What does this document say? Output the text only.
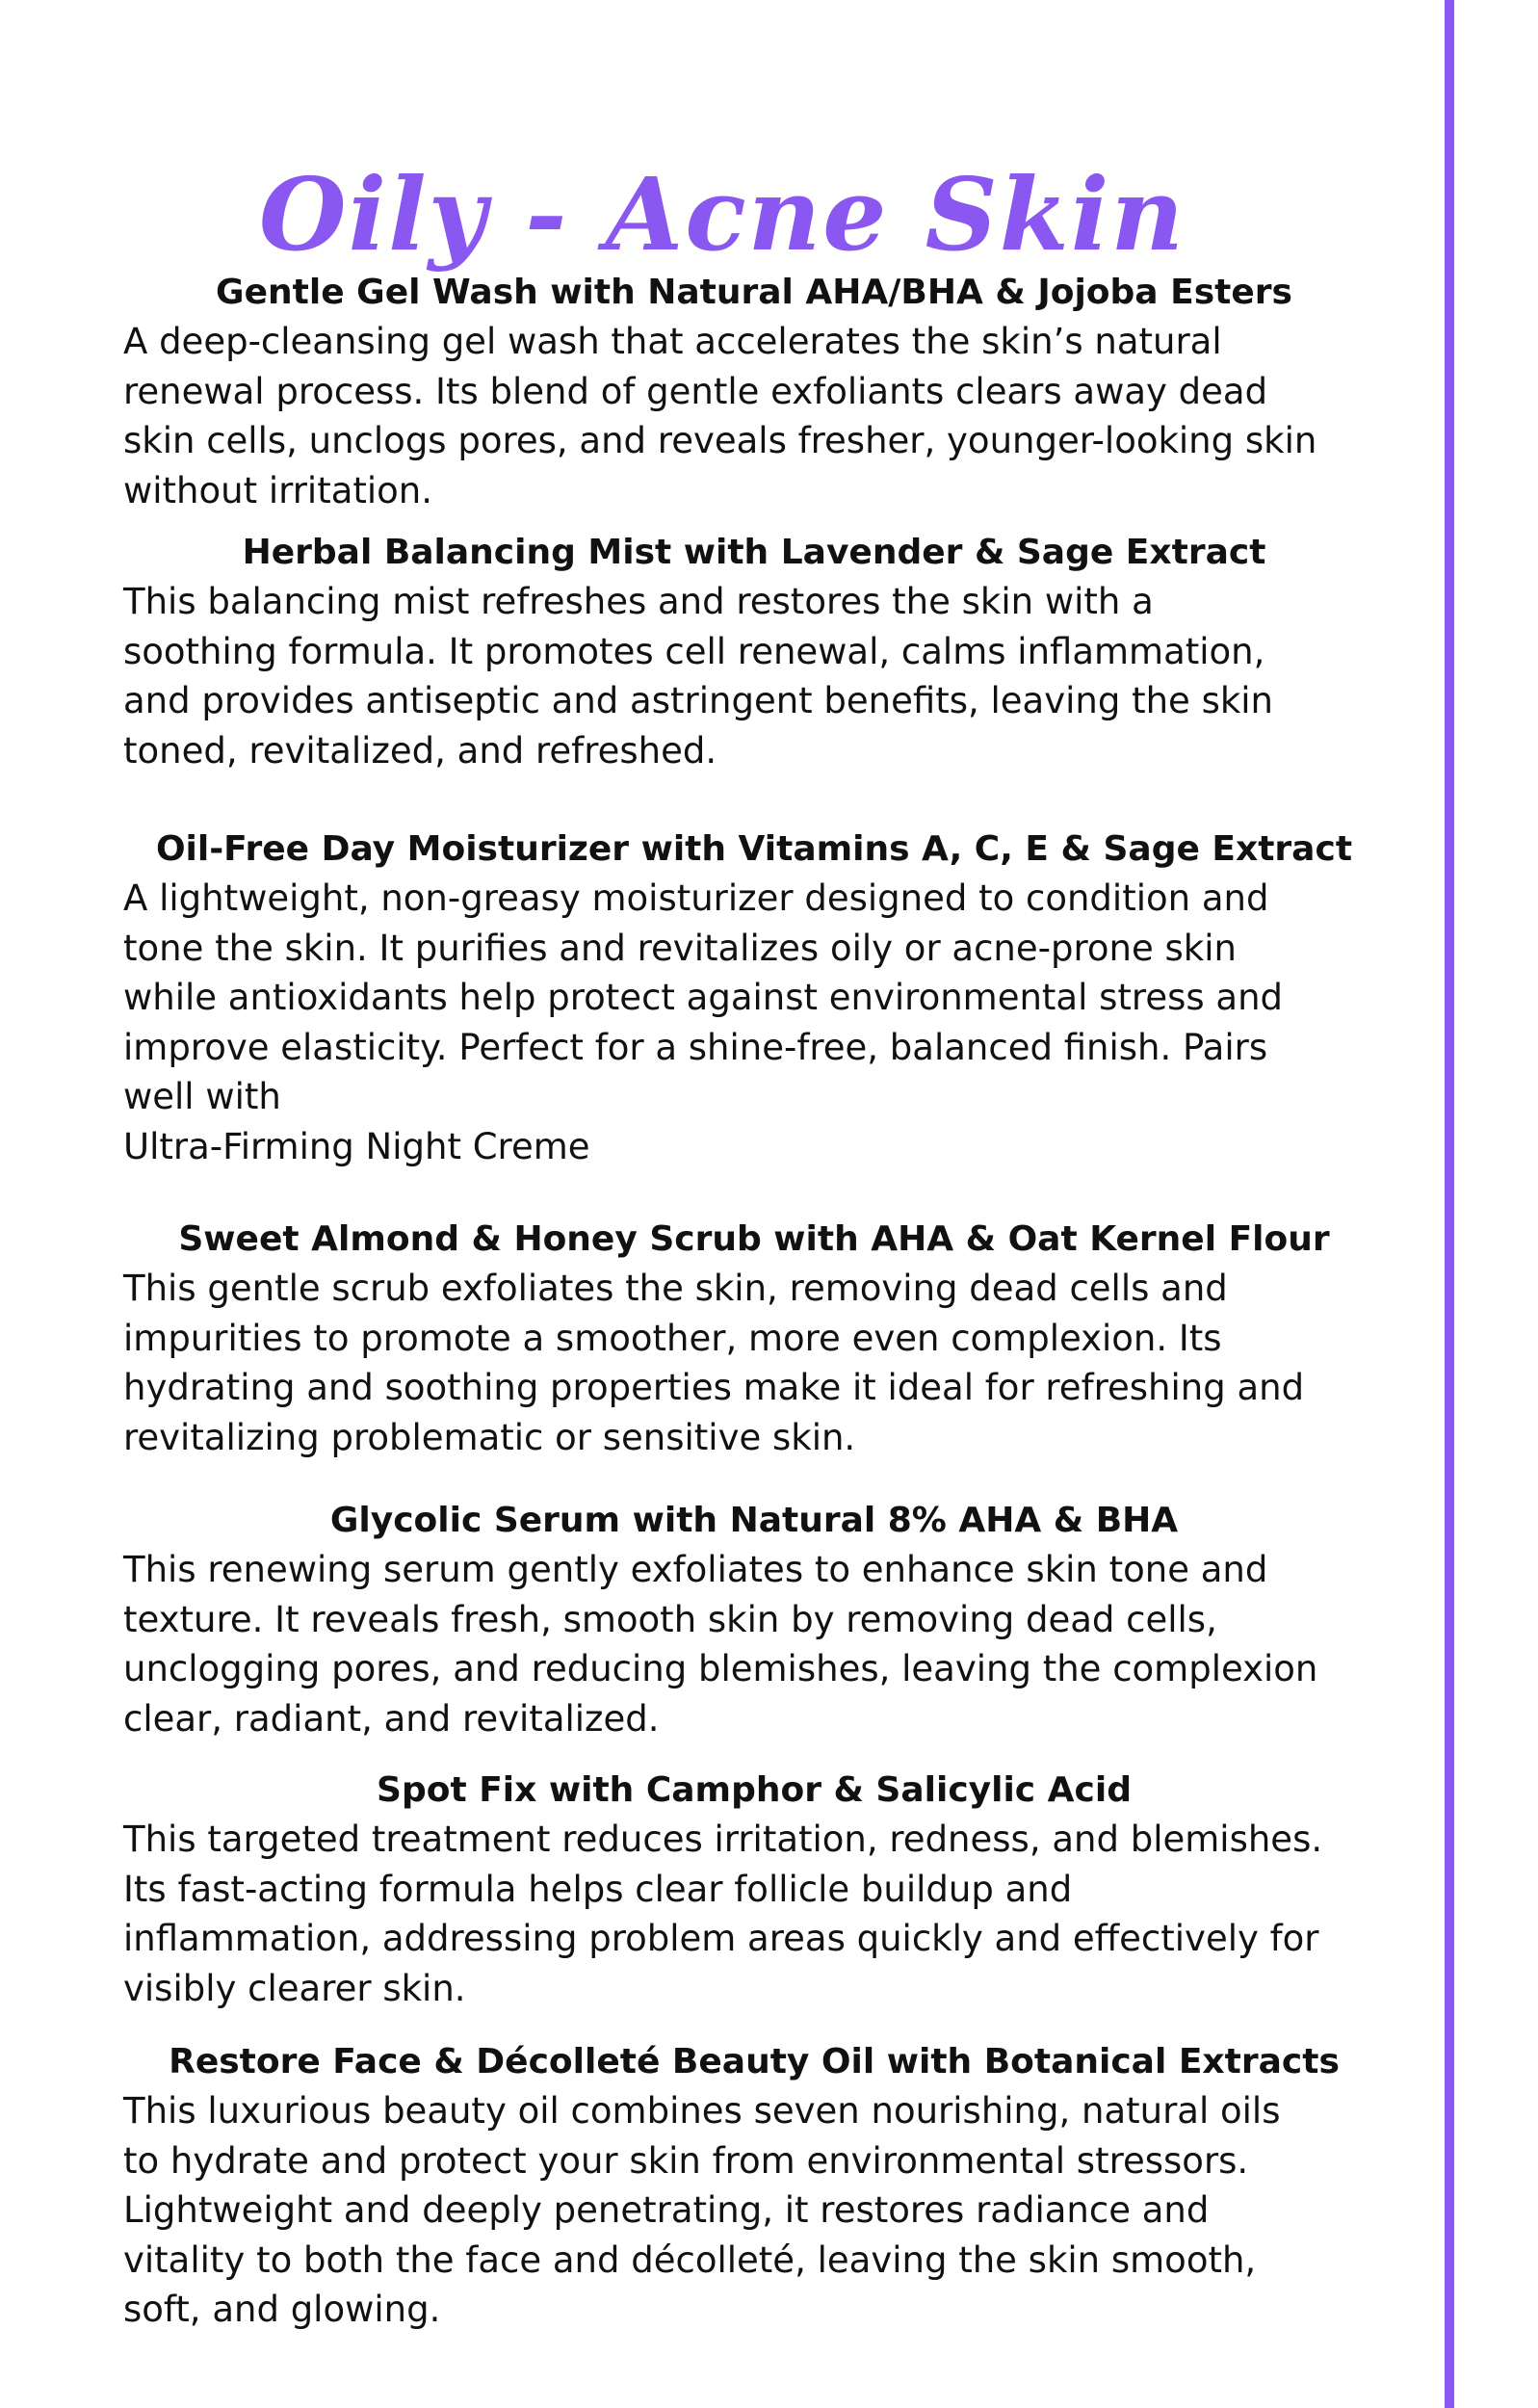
Oily - Acne Skin
Gentle Gel Wash with Natural AHA/BHA & Jojoba Esters

A deep-cleansing gel wash that accelerates the skin’s natural
renewal process. Its blend of gentle exfoliants clears away dead
skin cells, unclogs pores, and reveals fresher, younger-looking skin
without irritation.

Herbal Balancing Mist with Lavender & Sage Extract

This balancing mist refreshes and restores the skin with a
soothing formula. It promotes cell renewal, calms inflammation,
and provides antiseptic and astringent benefits, leaving the skin
toned, revitalized, and refreshed.

Oil-Free Day Moisturizer with Vitamins A, C, E & Sage Extract

A lightweight, non-greasy moisturizer designed to condition and
tone the skin. It purifies and revitalizes oily or acne-prone skin
while antioxidants help protect against environmental stress and
improve elasticity. Perfect for a shine-free, balanced finish. Pairs
well with
Ultra-Firming Night Creme

Sweet Almond & Honey Scrub with AHA & Oat Kernel Flour

This gentle scrub exfoliates the skin, removing dead cells and
impurities to promote a smoother, more even complexion. Its
hydrating and soothing properties make it ideal for refreshing and
revitalizing problematic or sensitive skin.

Glycolic Serum with Natural 8% AHA & BHA

This renewing serum gently exfoliates to enhance skin tone and
texture. It reveals fresh, smooth skin by removing dead cells,
unclogging pores, and reducing blemishes, leaving the complexion
clear, radiant, and revitalized.

Spot Fix with Camphor & Salicylic Acid

This targeted treatment reduces irritation, redness, and blemishes.
Its fast-acting formula helps clear follicle buildup and
inflammation, addressing problem areas quickly and effectively for
visibly clearer skin.

Restore Face & Décolleté Beauty Oil with Botanical Extracts

This luxurious beauty oil combines seven nourishing, natural oils
to hydrate and protect your skin from environmental stressors.
Lightweight and deeply penetrating, it restores radiance and
vitality to both the face and décolleté, leaving the skin smooth,
soft, and glowing.
